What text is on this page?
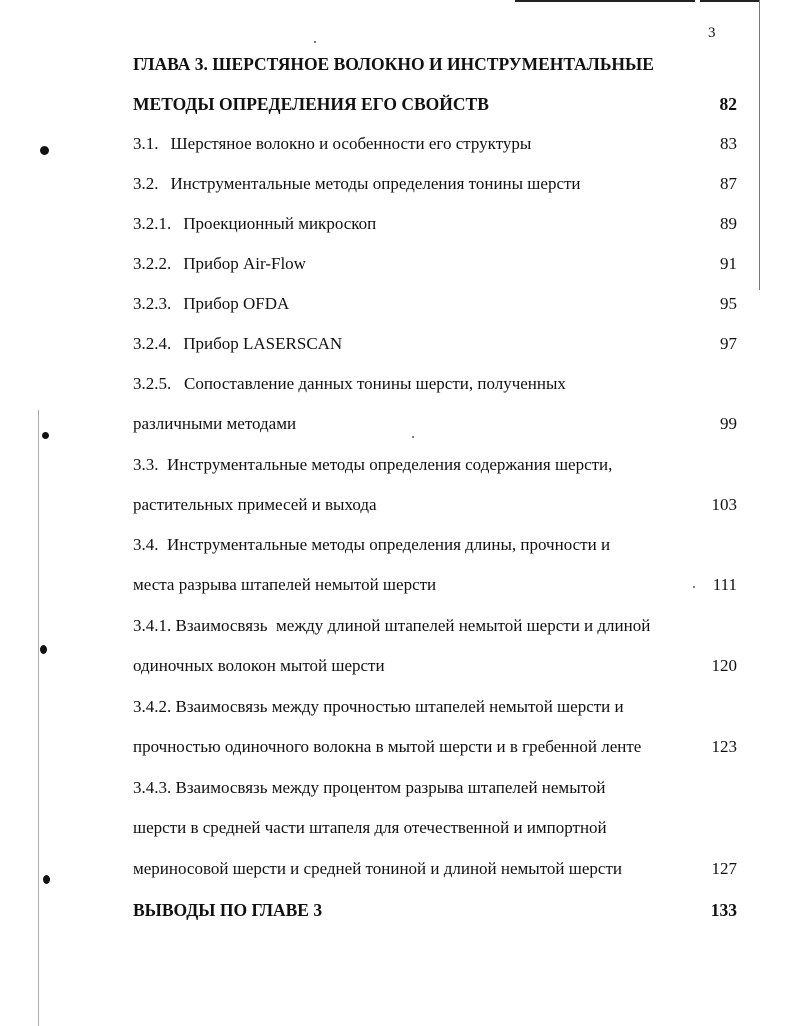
3
ГЛАВА 3. ШЕРСТЯНОЕ ВОЛОКНО И ИНСТРУМЕНТАЛЬНЫЕ
МЕТОДЫ ОПРЕДЕЛЕНИЯ ЕГО СВОЙСТВ	82
3.1. Шерстяное волокно и особенности его структуры	83
3.2. Инструментальные методы определения тонины шерсти	87
3.2.1. Проекционный микроскоп	89
3.2.2. Прибор Air-Flow	91
3.2.3. Прибор OFDA	95
3.2.4. Прибор LASERSCAN	97
3.2.5.   Сопоставление данных тонины шерсти, полученных
различными методами	99
3.3.  Инструментальные методы определения содержания шерсти,
растительных примесей и выхода	103
3.4.  Инструментальные методы определения длины, прочности и
места разрыва штапелей немытой шерсти	111
3.4.1. Взаимосвязь  между длиной штапелей немытой шерсти и длиной
одиночных волокон мытой шерсти	120
3.4.2. Взаимосвязь между прочностью штапелей немытой шерсти и
прочностью одиночного волокна в мытой шерсти и в гребенной ленте	123
3.4.3. Взаимосвязь между процентом разрыва штапелей немытой
шерсти в средней части штапеля для отечественной и импортной
мериносовой шерсти и средней тониной и длиной немытой шерсти	127
ВЫВОДЫ ПО ГЛАВЕ 3	133
